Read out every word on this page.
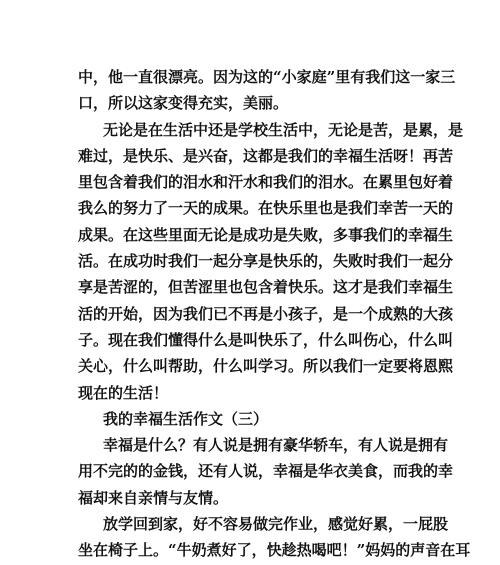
中，他一直很漂亮。因为这的“小家庭”里有我们这一家三
口，所以这家变得充实，美丽。
无论是在生活中还是学校生活中，无论是苦，是累，是
难过，是快乐、是兴奋，这都是我们的幸福生活呀！再苦
里包含着我们的泪水和汗水和我们的泪水。在累里包好着
我么的努力了一天的成果。在快乐里也是我们幸苦一天的
成果。在这些里面无论是成功是失败，多事我们的幸福生
活。在成功时我们一起分享是快乐的，失败时我们一起分
享是苦涩的，但苦涩里也包含着快乐。这才是我们幸福生
活的开始，因为我们已不再是小孩子，是一个成熟的大孩
子。现在我们懂得什么是叫快乐了，什么叫伤心，什么叫
关心，什么叫帮助，什么叫学习。所以我们一定要将恩熙
现在的生活！
我的幸福生活作文（三）
幸福是什么？有人说是拥有豪华轿车，有人说是拥有
用不完的的金钱，还有人说，幸福是华衣美食，而我的幸
福却来自亲情与友情。
放学回到家，好不容易做完作业，感觉好累，一屁股
坐在椅子上。“牛奶煮好了，快趁热喝吧！”妈妈的声音在耳
